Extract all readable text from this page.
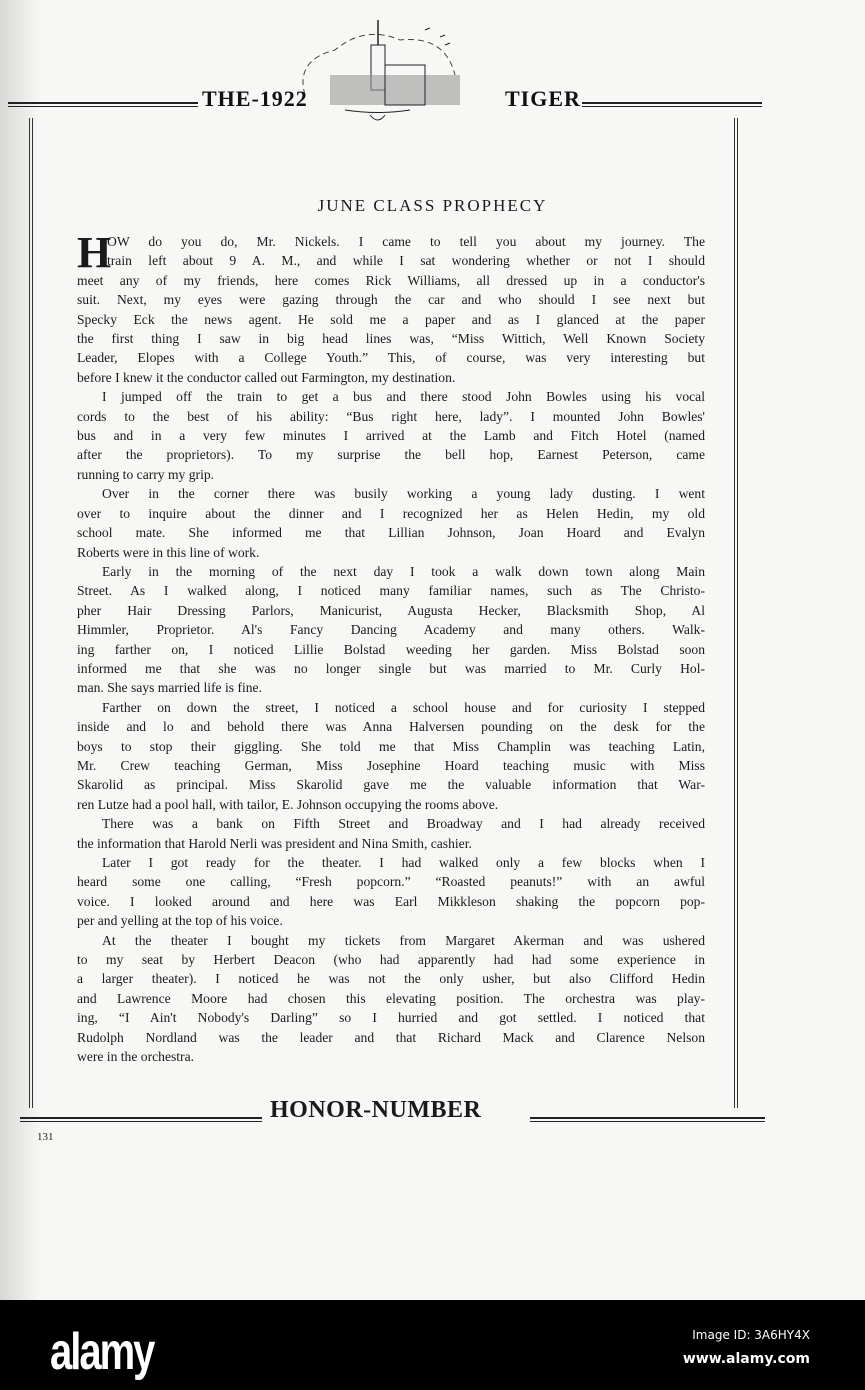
THE-1922	TIGER
JUNE CLASS PROPHECY
H
OW do you do, Mr. Nickels. I came to tell you about my journey. The
train left about 9 A. M., and while I sat wondering whether or not I should
meet any of my friends, here comes Rick Williams, all dressed up in a conductor's
suit. Next, my eyes were gazing through the car and who should I see next but
Specky Eck the news agent. He sold me a paper and as I glanced at the paper
the first thing I saw in big head lines was, “Miss Wittich, Well Known Society
Leader, Elopes with a College Youth.” This, of course, was very interesting but
before I knew it the conductor called out Farmington, my destination.
I jumped off the train to get a bus and there stood John Bowles using his vocal
cords to the best of his ability: “Bus right here, lady”. I mounted John Bowles'
bus and in a very few minutes I arrived at the Lamb and Fitch Hotel (named
after the proprietors). To my surprise the bell hop, Earnest Peterson, came
running to carry my grip.
Over in the corner there was busily working a young lady dusting. I went
over to inquire about the dinner and I recognized her as Helen Hedin, my old
school mate. She informed me that Lillian Johnson, Joan Hoard and Evalyn
Roberts were in this line of work.
Early in the morning of the next day I took a walk down town along Main
Street. As I walked along, I noticed many familiar names, such as The Christo-
pher Hair Dressing Parlors, Manicurist, Augusta Hecker, Blacksmith Shop, Al
Himmler, Proprietor. Al's Fancy Dancing Academy and many others. Walk-
ing farther on, I noticed Lillie Bolstad weeding her garden. Miss Bolstad soon
informed me that she was no longer single but was married to Mr. Curly Hol-
man. She says married life is fine.
Farther on down the street, I noticed a school house and for curiosity I stepped
inside and lo and behold there was Anna Halversen pounding on the desk for the
boys to stop their giggling. She told me that Miss Champlin was teaching Latin,
Mr. Crew teaching German, Miss Josephine Hoard teaching music with Miss
Skarolid as principal. Miss Skarolid gave me the valuable information that War-
ren Lutze had a pool hall, with tailor, E. Johnson occupying the rooms above.
There was a bank on Fifth Street and Broadway and I had already received
the information that Harold Nerli was president and Nina Smith, cashier.
Later I got ready for the theater. I had walked only a few blocks when I
heard some one calling, “Fresh popcorn.” “Roasted peanuts!” with an awful
voice. I looked around and here was Earl Mikkleson shaking the popcorn pop-
per and yelling at the top of his voice.
At the theater I bought my tickets from Margaret Akerman and was ushered
to my seat by Herbert Deacon (who had apparently had had some experience in
a larger theater). I noticed he was not the only usher, but also Clifford Hedin
and Lawrence Moore had chosen this elevating position. The orchestra was play-
ing, “I Ain't Nobody's Darling” so I hurried and got settled. I noticed that
Rudolph Nordland was the leader and that Richard Mack and Clarence Nelson
were in the orchestra.
HONOR-NUMBER
131
alamy	Image ID: 3A6HY4X
www.alamy.com
